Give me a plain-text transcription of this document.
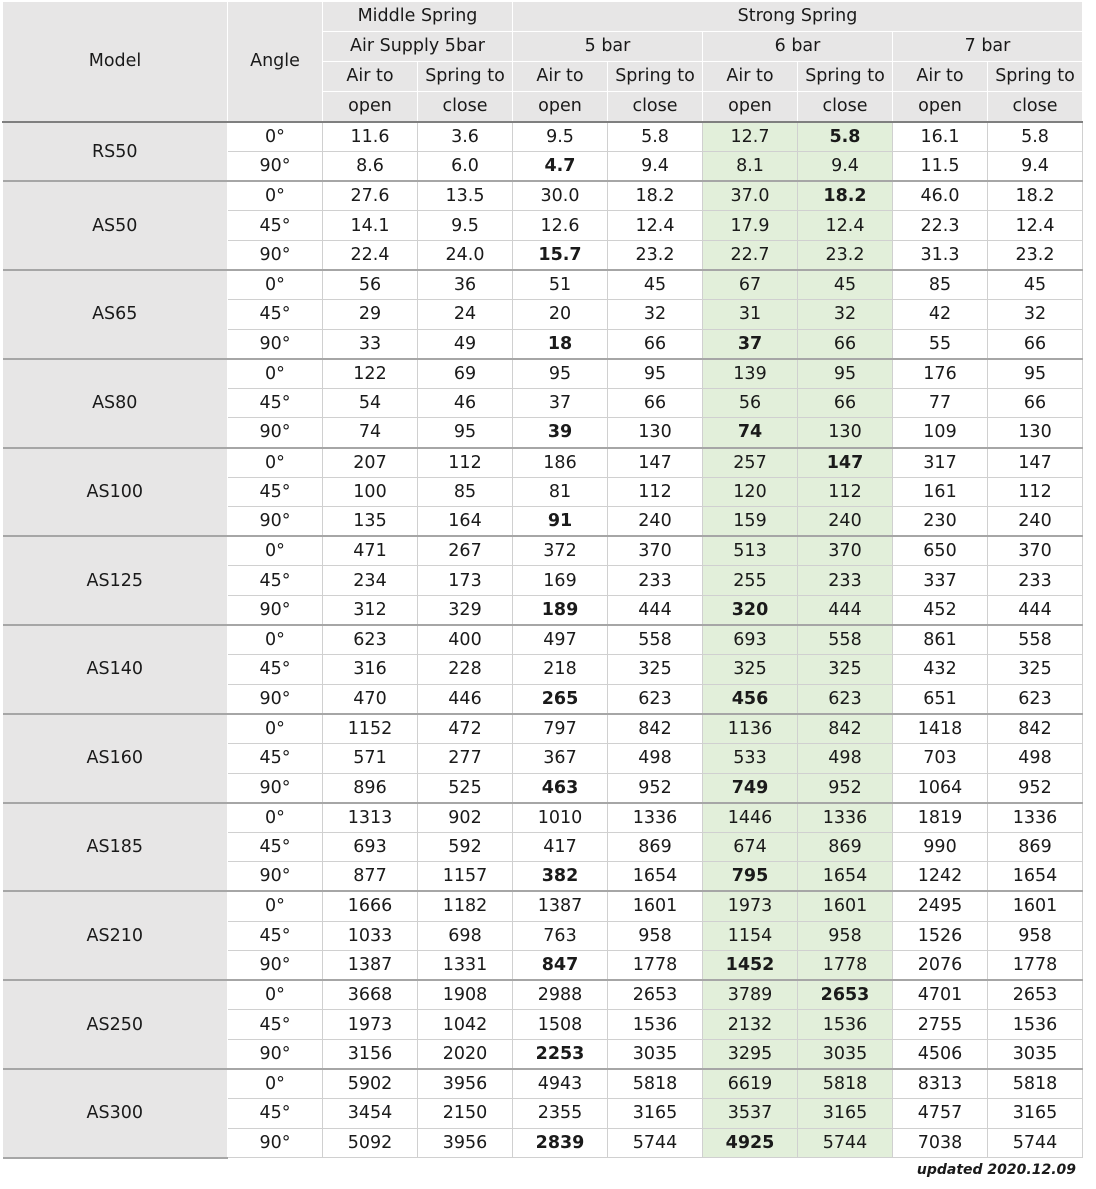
Model	Angle	Middle Spring		Strong Spring					
		Air Supply 5bar		5 bar		6 bar		7 bar	
		Air to	Spring to	Air to	Spring to	Air to	Spring to	Air to	Spring to
		open	close	open	close	open	close	open	close
RS50	0°	11.6	3.6	9.5	5.8	12.7	5.8	16.1	5.8
	90°	8.6	6.0	4.7	9.4	8.1	9.4	11.5	9.4
AS50	0°	27.6	13.5	30.0	18.2	37.0	18.2	46.0	18.2
	45°	14.1	9.5	12.6	12.4	17.9	12.4	22.3	12.4
	90°	22.4	24.0	15.7	23.2	22.7	23.2	31.3	23.2
AS65	0°	56	36	51	45	67	45	85	45
	45°	29	24	20	32	31	32	42	32
	90°	33	49	18	66	37	66	55	66
AS80	0°	122	69	95	95	139	95	176	95
	45°	54	46	37	66	56	66	77	66
	90°	74	95	39	130	74	130	109	130
AS100	0°	207	112	186	147	257	147	317	147
	45°	100	85	81	112	120	112	161	112
	90°	135	164	91	240	159	240	230	240
AS125	0°	471	267	372	370	513	370	650	370
	45°	234	173	169	233	255	233	337	233
	90°	312	329	189	444	320	444	452	444
AS140	0°	623	400	497	558	693	558	861	558
	45°	316	228	218	325	325	325	432	325
	90°	470	446	265	623	456	623	651	623
AS160	0°	1152	472	797	842	1136	842	1418	842
	45°	571	277	367	498	533	498	703	498
	90°	896	525	463	952	749	952	1064	952
AS185	0°	1313	902	1010	1336	1446	1336	1819	1336
	45°	693	592	417	869	674	869	990	869
	90°	877	1157	382	1654	795	1654	1242	1654
AS210	0°	1666	1182	1387	1601	1973	1601	2495	1601
	45°	1033	698	763	958	1154	958	1526	958
	90°	1387	1331	847	1778	1452	1778	2076	1778
AS250	0°	3668	1908	2988	2653	3789	2653	4701	2653
	45°	1973	1042	1508	1536	2132	1536	2755	1536
	90°	3156	2020	2253	3035	3295	3035	4506	3035
AS300	0°	5902	3956	4943	5818	6619	5818	8313	5818
	45°	3454	2150	2355	3165	3537	3165	4757	3165
	90°	5092	3956	2839	5744	4925	5744	7038	5744
updated 2020.12.09
